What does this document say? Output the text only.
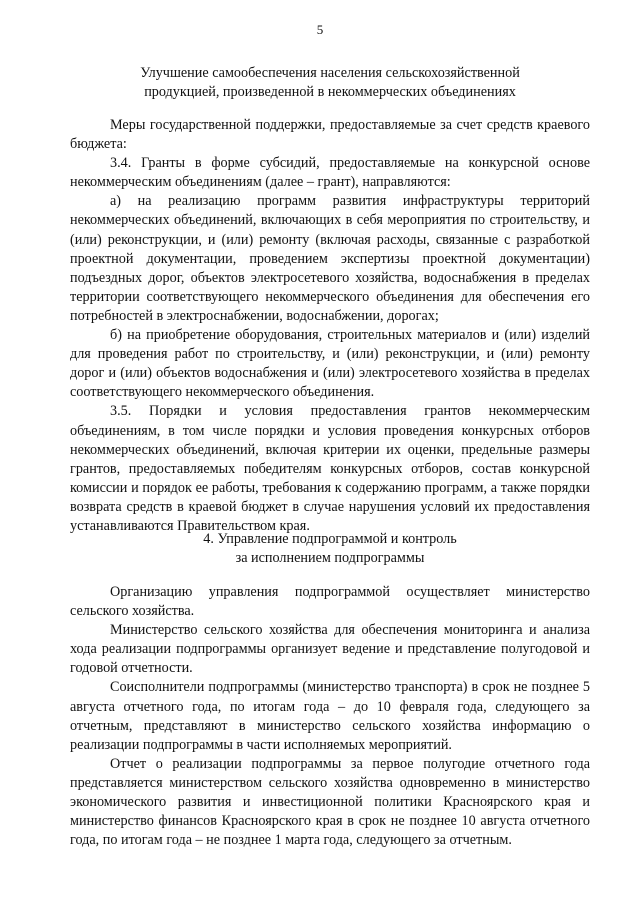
5
Улучшение самообеспечения населения сельскохозяйственной
продукцией, произведенной в некоммерческих объединениях

Меры государственной поддержки, предоставляемые за счет средств краевого бюджета:

3.4. Гранты в форме субсидий, предоставляемые на конкурсной основе некоммерческим объединениям (далее – грант), направляются:

а) на реализацию программ развития инфраструктуры территорий некоммерческих объединений, включающих в себя мероприятия по строительству, и (или) реконструкции, и (или) ремонту (включая расходы, связанные с разработкой проектной документации, проведением экспертизы проектной документации) подъездных дорог, объектов электросетевого хозяйства, водоснабжения в пределах территории соответствующего некоммерческого объединения для обеспечения его потребностей в электроснабжении, водоснабжении, дорогах;

б) на приобретение оборудования, строительных материалов и (или) изделий для проведения работ по строительству, и (или) реконструкции, и (или) ремонту дорог и (или) объектов водоснабжения и (или) электросетевого хозяйства в пределах соответствующего некоммерческого объединения.

3.5. Порядки и условия предоставления грантов некоммерческим объединениям, в том числе порядки и условия проведения конкурсных отборов некоммерческих объединений, включая критерии их оценки, предельные размеры грантов, предоставляемых победителям конкурсных отборов, состав конкурсной комиссии и порядок ее работы, требования к содержанию программ, а также порядки возврата средств в краевой бюджет в случае нарушения условий их предоставления устанавливаются Правительством края.

4. Управление подпрограммой и контроль
за исполнением подпрограммы

Организацию управления подпрограммой осуществляет министерство сельского хозяйства.

Министерство сельского хозяйства для обеспечения мониторинга и анализа хода реализации подпрограммы организует ведение и представление полугодовой и годовой отчетности.

Соисполнители подпрограммы (министерство транспорта) в срок не позднее 5 августа отчетного года, по итогам года – до 10 февраля года, следующего за отчетным, представляют в министерство сельского хозяйства информацию о реализации подпрограммы в части исполняемых мероприятий.

Отчет о реализации подпрограммы за первое полугодие отчетного года представляется министерством сельского хозяйства одновременно в министерство экономического развития и инвестиционной политики Красноярского края и министерство финансов Красноярского края в срок не позднее 10 августа отчетного года, по итогам года – не позднее 1 марта года, следующего за отчетным.
